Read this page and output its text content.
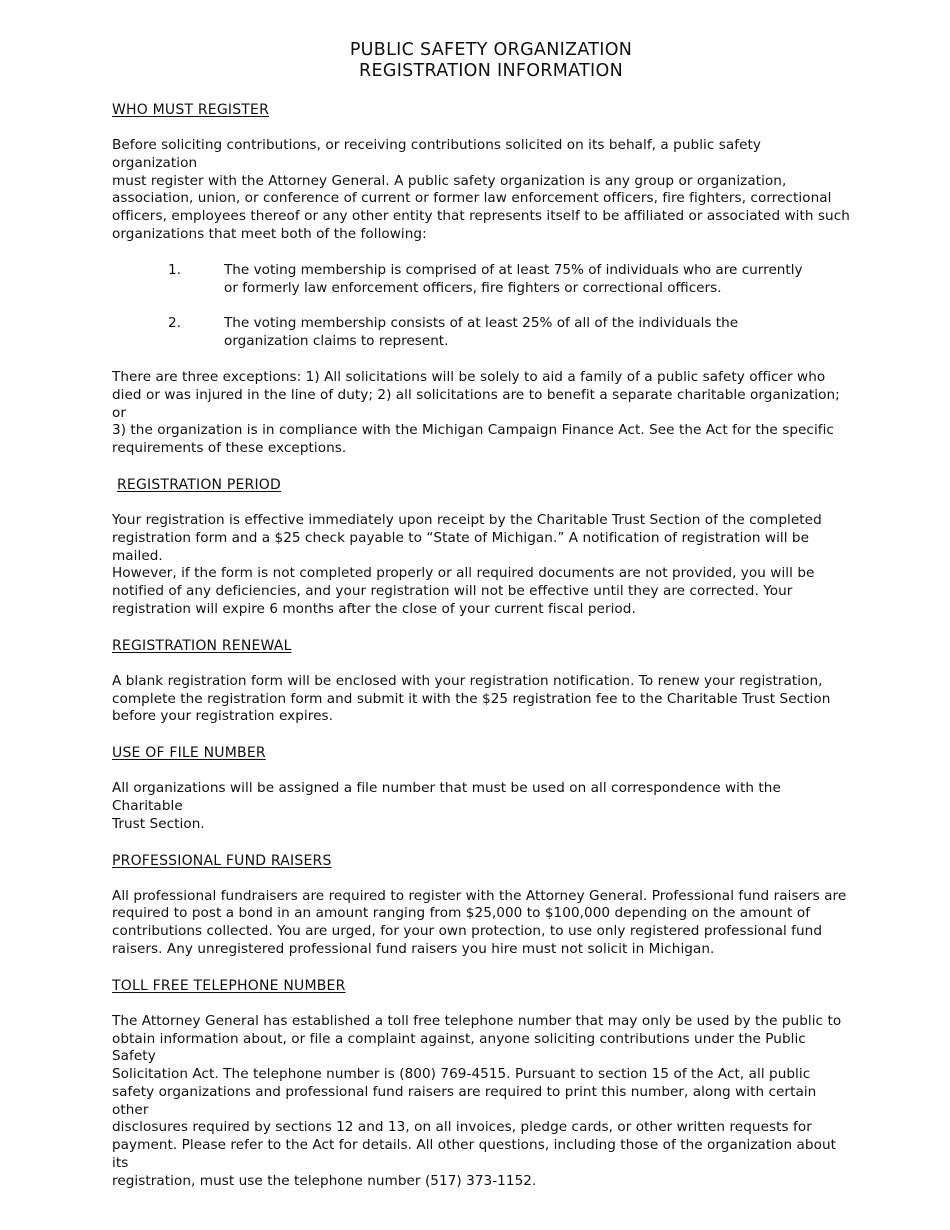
PUBLIC SAFETY ORGANIZATION
REGISTRATION INFORMATION
WHO MUST REGISTER
Before soliciting contributions, or receiving contributions solicited on its behalf, a public safety organization
must register with the Attorney General. A public safety organization is any group or organization,
association, union, or conference of current or former law enforcement officers, fire fighters, correctional
officers, employees thereof or any other entity that represents itself to be affiliated or associated with such
organizations that meet both of the following:
1.	The voting membership is comprised of at least 75% of individuals who are currently
or formerly law enforcement officers, fire fighters or correctional officers.
2.	The voting membership consists of at least 25% of all of the individuals the
organization claims to represent.
There are three exceptions: 1) All solicitations will be solely to aid a family of a public safety officer who
died or was injured in the line of duty; 2) all solicitations are to benefit a separate charitable organization; or
3) the organization is in compliance with the Michigan Campaign Finance Act. See the Act for the specific
requirements of these exceptions.
REGISTRATION PERIOD
Your registration is effective immediately upon receipt by the Charitable Trust Section of the completed
registration form and a $25 check payable to “State of Michigan.” A notification of registration will be mailed.
However, if the form is not completed properly or all required documents are not provided, you will be
notified of any deficiencies, and your registration will not be effective until they are corrected. Your
registration will expire 6 months after the close of your current fiscal period.
REGISTRATION RENEWAL
A blank registration form will be enclosed with your registration notification. To renew your registration,
complete the registration form and submit it with the $25 registration fee to the Charitable Trust Section
before your registration expires.
USE OF FILE NUMBER
All organizations will be assigned a file number that must be used on all correspondence with the Charitable
Trust Section.
PROFESSIONAL FUND RAISERS
All professional fundraisers are required to register with the Attorney General. Professional fund raisers are
required to post a bond in an amount ranging from $25,000 to $100,000 depending on the amount of
contributions collected. You are urged, for your own protection, to use only registered professional fund
raisers. Any unregistered professional fund raisers you hire must not solicit in Michigan.
TOLL FREE TELEPHONE NUMBER
The Attorney General has established a toll free telephone number that may only be used by the public to
obtain information about, or file a complaint against, anyone soliciting contributions under the Public Safety
Solicitation Act. The telephone number is (800) 769-4515. Pursuant to section 15 of the Act, all public
safety organizations and professional fund raisers are required to print this number, along with certain other
disclosures required by sections 12 and 13, on all invoices, pledge cards, or other written requests for
payment. Please refer to the Act for details. All other questions, including those of the organization about its
registration, must use the telephone number (517) 373-1152.
